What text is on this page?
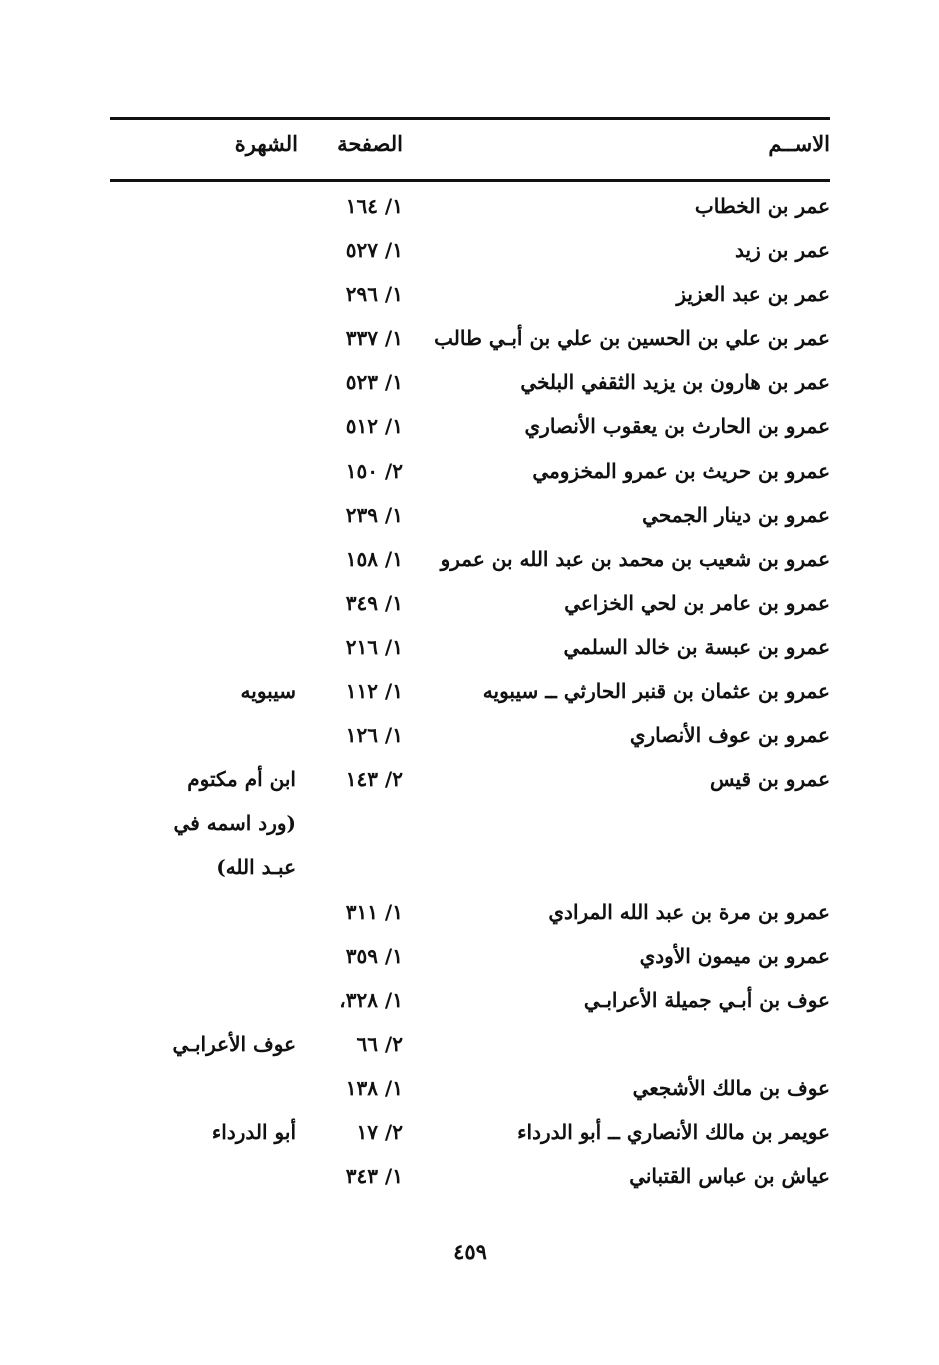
الاســم
الصفحة
الشهرة
عمر بن الخطاب
١/ ١٦٤
عمر بن زيد
١/ ٥٢٧
عمر بن عبد العزيز
١/ ٢٩٦
عمر بن علي بن الحسين بن علي بن أبـي طالب
١/ ٣٣٧
عمر بن هارون بن يزيد الثقفي البلخي
١/ ٥٢٣
عمرو بن الحارث بن يعقوب الأنصاري
١/ ٥١٢
عمرو بن حريث بن عمرو المخزومي
٢/ ١٥٠
عمرو بن دينار الجمحي
١/ ٢٣٩
عمرو بن شعيب بن محمد بن عبد الله بن عمرو
١/ ١٥٨
عمرو بن عامر بن لحي الخزاعي
١/ ٣٤٩
عمرو بن عبسة بن خالد السلمي
١/ ٢١٦
عمرو بن عثمان بن قنبر الحارثي ــ سيبويه
١/ ١١٢
سيبويه
عمرو بن عوف الأنصاري
١/ ١٢٦
عمرو بن قيس
٢/ ١٤٣
ابن أم مكتوم
(ورد اسمه في
عبـد الله)
عمرو بن مرة بن عبد الله المرادي
١/ ٣١١
عمرو بن ميمون الأودي
١/ ٣٥٩
عوف بن أبـي جميلة الأعرابـي
١/ ٣٢٨،
٢/ ٦٦
عوف الأعرابـي
عوف بن مالك الأشجعي
١/ ١٣٨
عويمر بن مالك الأنصاري ــ أبو الدرداء
٢/ ١٧
أبو الدرداء
عياش بن عباس القتباني
١/ ٣٤٣
٤٥٩
